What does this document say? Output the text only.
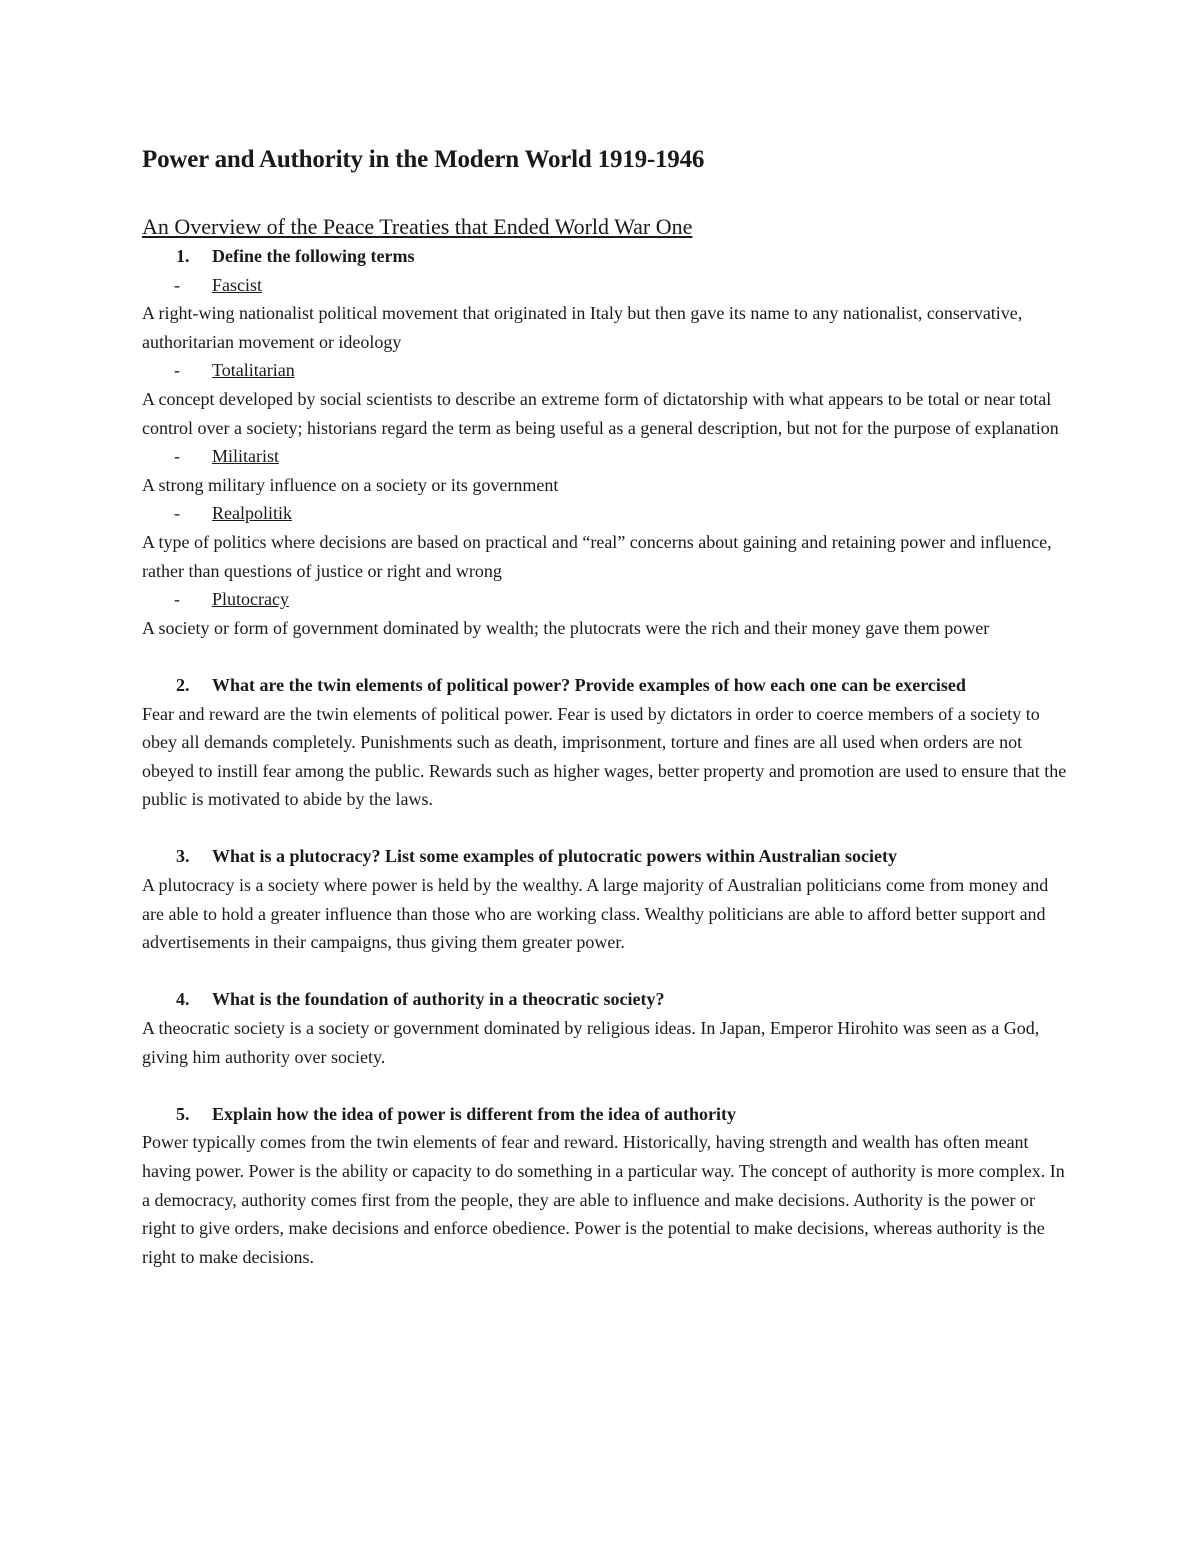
Power and Authority in the Modern World 1919-1946
An Overview of the Peace Treaties that Ended World War One
1.	Define the following terms
-	Fascist

A right-wing nationalist political movement that originated in Italy but then gave its name to any nationalist, conservative, authoritarian movement or ideology

-	Totalitarian

A concept developed by social scientists to describe an extreme form of dictatorship with what appears to be total or near total control over a society; historians regard the term as being useful as a general description, but not for the purpose of explanation

-	Militarist

A strong military influence on a society or its government

-	Realpolitik

A type of politics where decisions are based on practical and “real” concerns about gaining and retaining power and influence, rather than questions of justice or right and wrong

-	Plutocracy

A society or form of government dominated by wealth; the plutocrats were the rich and their money gave them power

2.	What are the twin elements of political power? Provide examples of how each one can be exercised

Fear and reward are the twin elements of political power. Fear is used by dictators in order to coerce members of a society to obey all demands completely. Punishments such as death, imprisonment, torture and fines are all used when orders are not obeyed to instill fear among the public. Rewards such as higher wages, better property and promotion are used to ensure that the public is motivated to abide by the laws.

3.	What is a plutocracy? List some examples of plutocratic powers within Australian society

A plutocracy is a society where power is held by the wealthy. A large majority of Australian politicians come from money and are able to hold a greater influence than those who are working class. Wealthy politicians are able to afford better support and advertisements in their campaigns, thus giving them greater power.

4.	What is the foundation of authority in a theocratic society?

A theocratic society is a society or government dominated by religious ideas. In Japan, Emperor Hirohito was seen as a God, giving him authority over society.

5.	Explain how the idea of power is different from the idea of authority

Power typically comes from the twin elements of fear and reward. Historically, having strength and wealth has often meant having power. Power is the ability or capacity to do something in a particular way. The concept of authority is more complex. In a democracy, authority comes first from the people, they are able to influence and make decisions. Authority is the power or right to give orders, make decisions and enforce obedience. Power is the potential to make decisions, whereas authority is the right to make decisions.
